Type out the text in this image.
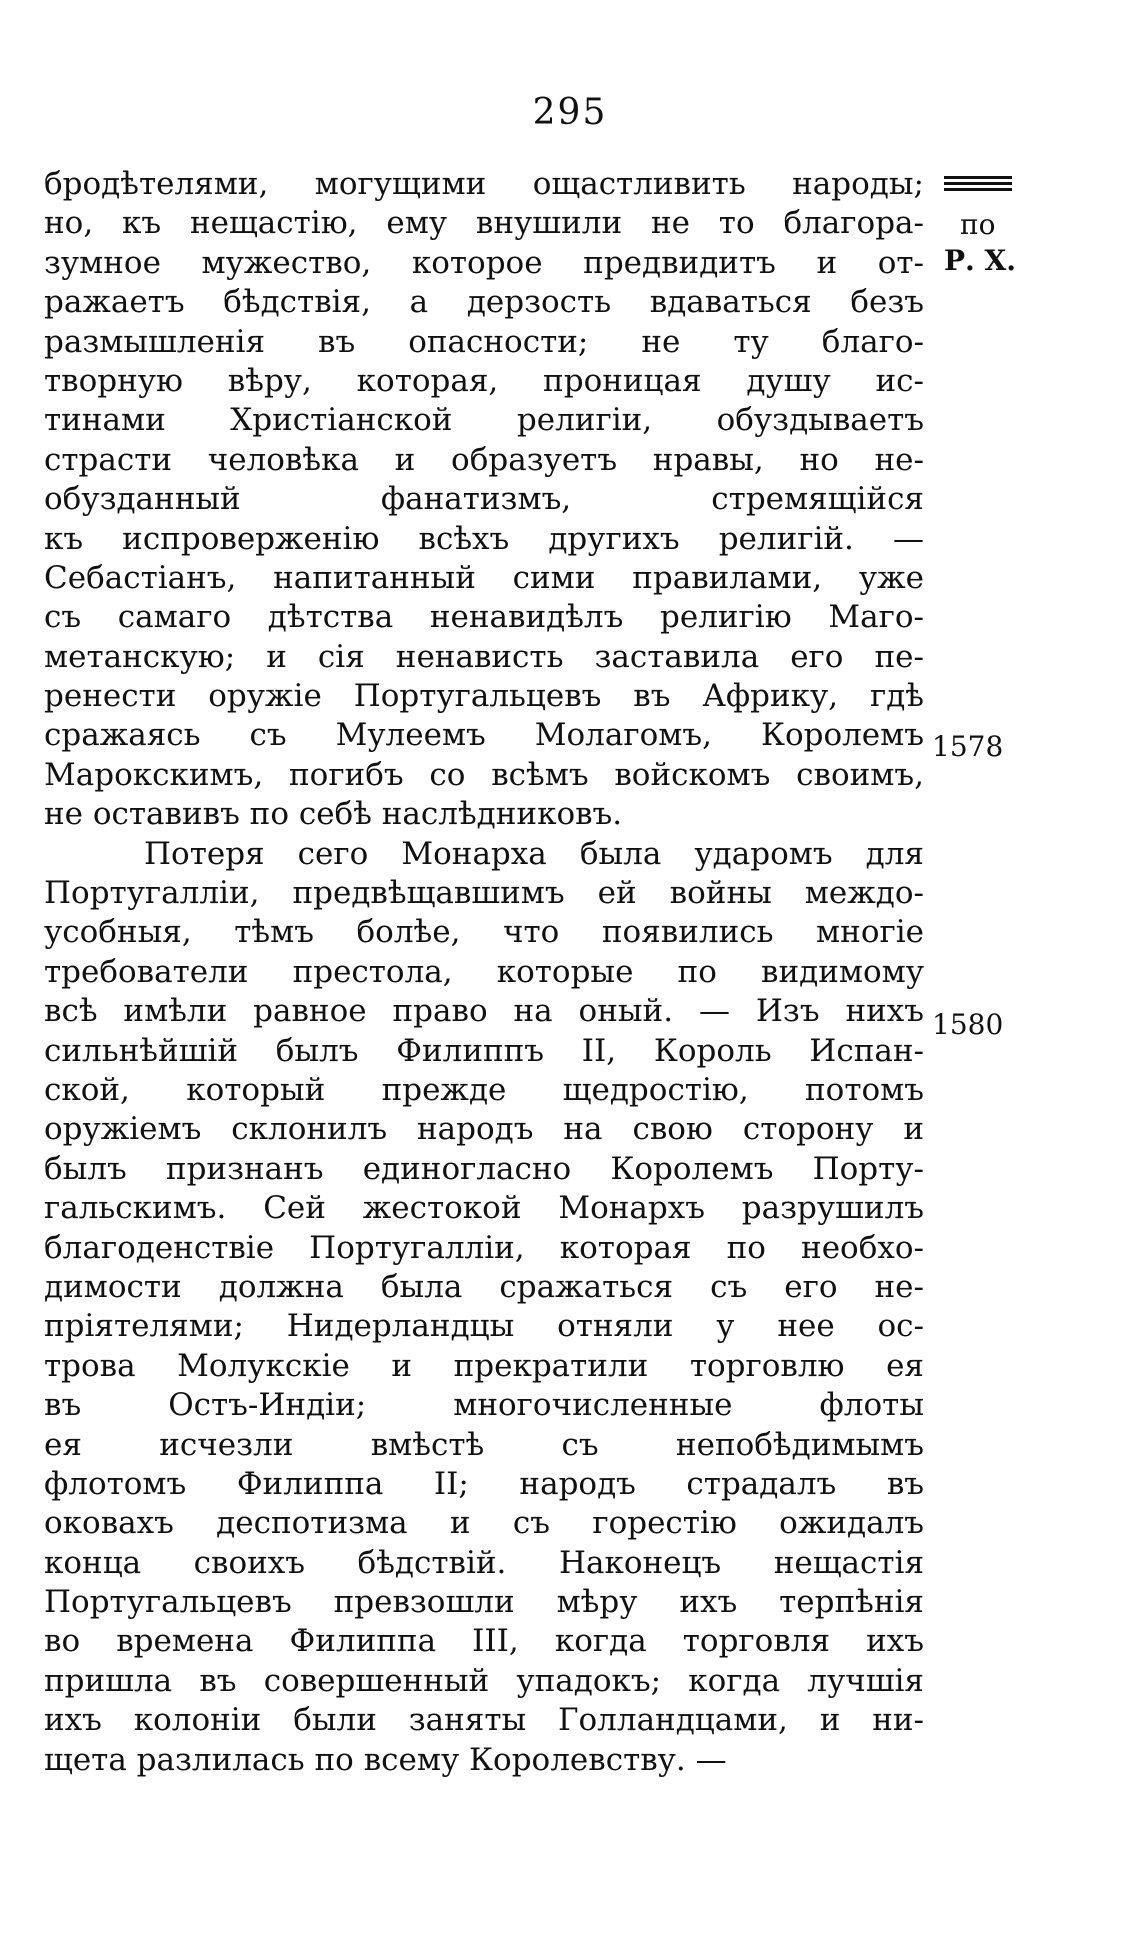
295
по
Р. Х.
1578
1580
бродѣтелями, могущими ощастливить народы;
но, къ нещастію, ему внушили не то благора-
зумное мужество, которое предвидитъ и от-
ражаетъ бѣдствія, а дерзость вдаваться безъ
размышленія въ опасности; не ту благо-
творную вѣру, которая, проницая душу ис-
тинами Христіанской религіи, обуздываетъ
страсти человѣка и образуетъ нравы, но не-
обузданный фанатизмъ, стремящійся
къ испроверженію всѣхъ другихъ религій. —
Себастіанъ, напитанный сими правилами, уже
съ самаго дѣтства ненавидѣлъ религію Маго-
метанскую; и сія ненависть заставила его пе-
ренести оружіе Португальцевъ въ Африку, гдѣ
сражаясь съ Мулеемъ Молагомъ, Королемъ
Марокскимъ, погибъ со всѣмъ войскомъ своимъ,
не оставивъ по себѣ наслѣдниковъ.
Потеря сего Монарха была ударомъ для
Португалліи, предвѣщавшимъ ей войны междо-
усобныя, тѣмъ болѣе, что появились многіе
требователи престола, которые по видимому
всѣ имѣли равное право на оный. — Изъ нихъ
сильнѣйшій былъ Филиппъ II, Король Испан-
ской, который прежде щедростію, потомъ
оружіемъ склонилъ народъ на свою сторону и
былъ признанъ единогласно Королемъ Порту-
гальскимъ. Сей жестокой Монархъ разрушилъ
благоденствіе Португалліи, которая по необхо-
димости должна была сражаться съ его не-
пріятелями; Нидерландцы отняли у нее ос-
трова Молукскіе и прекратили торговлю ея
въ Остъ-Индіи; многочисленные флоты
ея исчезли вмѣстѣ съ непобѣдимымъ
флотомъ Филиппа II; народъ страдалъ въ
оковахъ деспотизма и съ горестію ожидалъ
конца своихъ бѣдствій. Наконецъ нещастія
Португальцевъ превзошли мѣру ихъ терпѣнія
во времена Филиппа III, когда торговля ихъ
пришла въ совершенный упадокъ; когда лучшія
ихъ колоніи были заняты Голландцами, и ни-
щета разлилась по всему Королевству. —
